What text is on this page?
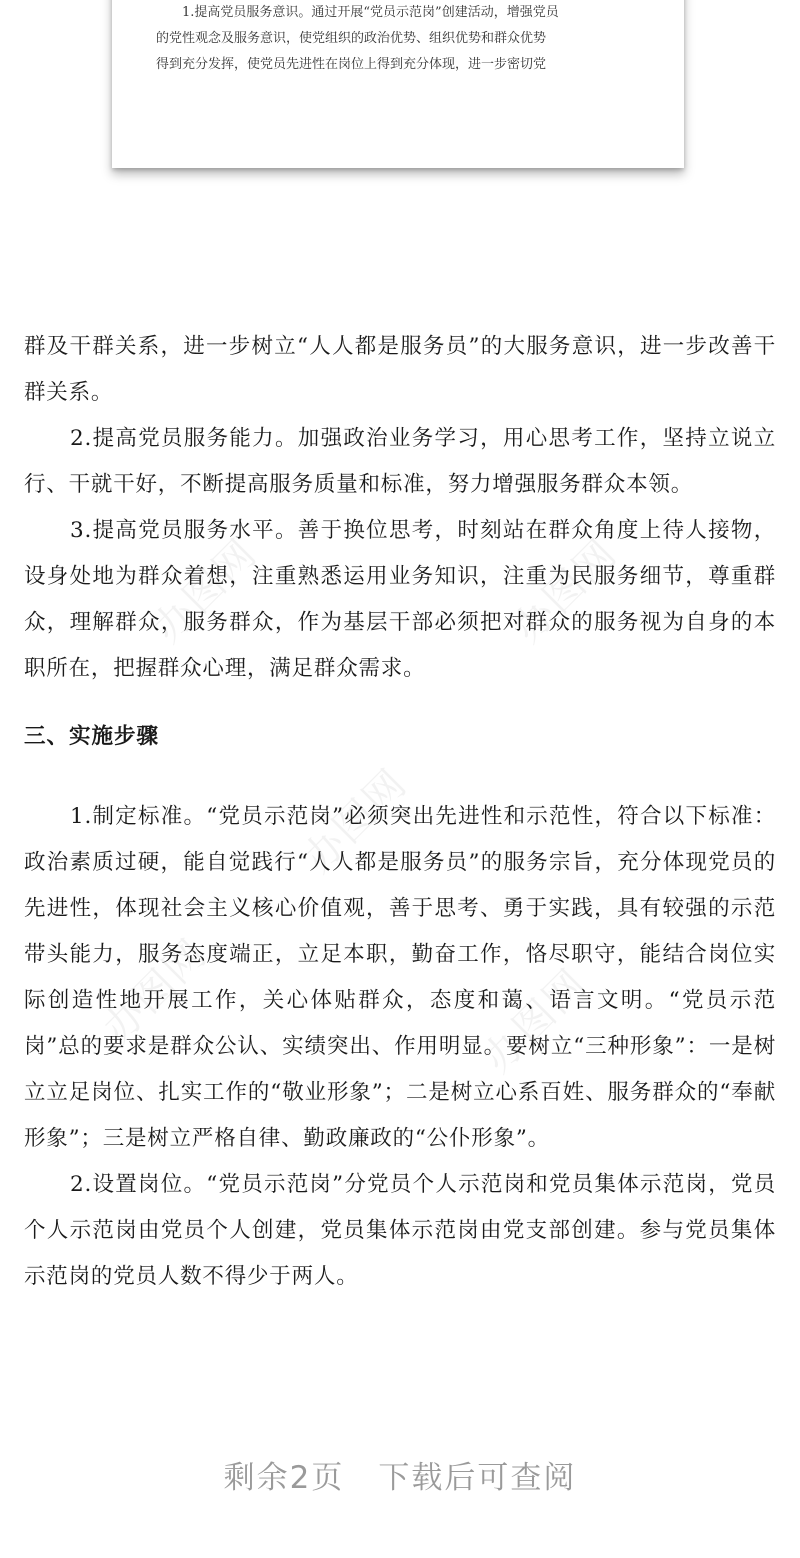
1.提高党员服务意识。通过开展“党员示范岗”创建活动，增强党员

的党性观念及服务意识，使党组织的政治优势、组织优势和群众优势

得到充分发挥，使党员先进性在岗位上得到充分体现，进一步密切党

办图网	办图网
办图网
办图网	办图网

群及干群关系，进一步树立“人人都是服务员”的大服务意识，进一步改善干群关系。

2.提高党员服务能力。加强政治业务学习，用心思考工作，坚持立说立行、干就干好，不断提高服务质量和标准，努力增强服务群众本领。

3.提高党员服务水平。善于换位思考，时刻站在群众角度上待人接物，设身处地为群众着想，注重熟悉运用业务知识，注重为民服务细节，尊重群众，理解群众，服务群众，作为基层干部必须把对群众的服务视为自身的本职所在，把握群众心理，满足群众需求。

三、实施步骤

1.制定标准。“党员示范岗”必须突出先进性和示范性，符合以下标准：政治素质过硬，能自觉践行“人人都是服务员”的服务宗旨，充分体现党员的先进性，体现社会主义核心价值观，善于思考、勇于实践，具有较强的示范带头能力，服务态度端正，立足本职，勤奋工作，恪尽职守，能结合岗位实际创造性地开展工作，关心体贴群众，态度和蔼、语言文明。“党员示范岗”总的要求是群众公认、实绩突出、作用明显。要树立“三种形象”：一是树立立足岗位、扎实工作的“敬业形象”；二是树立心系百姓、服务群众的“奉献形象”；三是树立严格自律、勤政廉政的“公仆形象”。

2.设置岗位。“党员示范岗”分党员个人示范岗和党员集体示范岗，党员个人示范岗由党员个人创建，党员集体示范岗由党支部创建。参与党员集体示范岗的党员人数不得少于两人。

剩余2页 下载后可查阅
